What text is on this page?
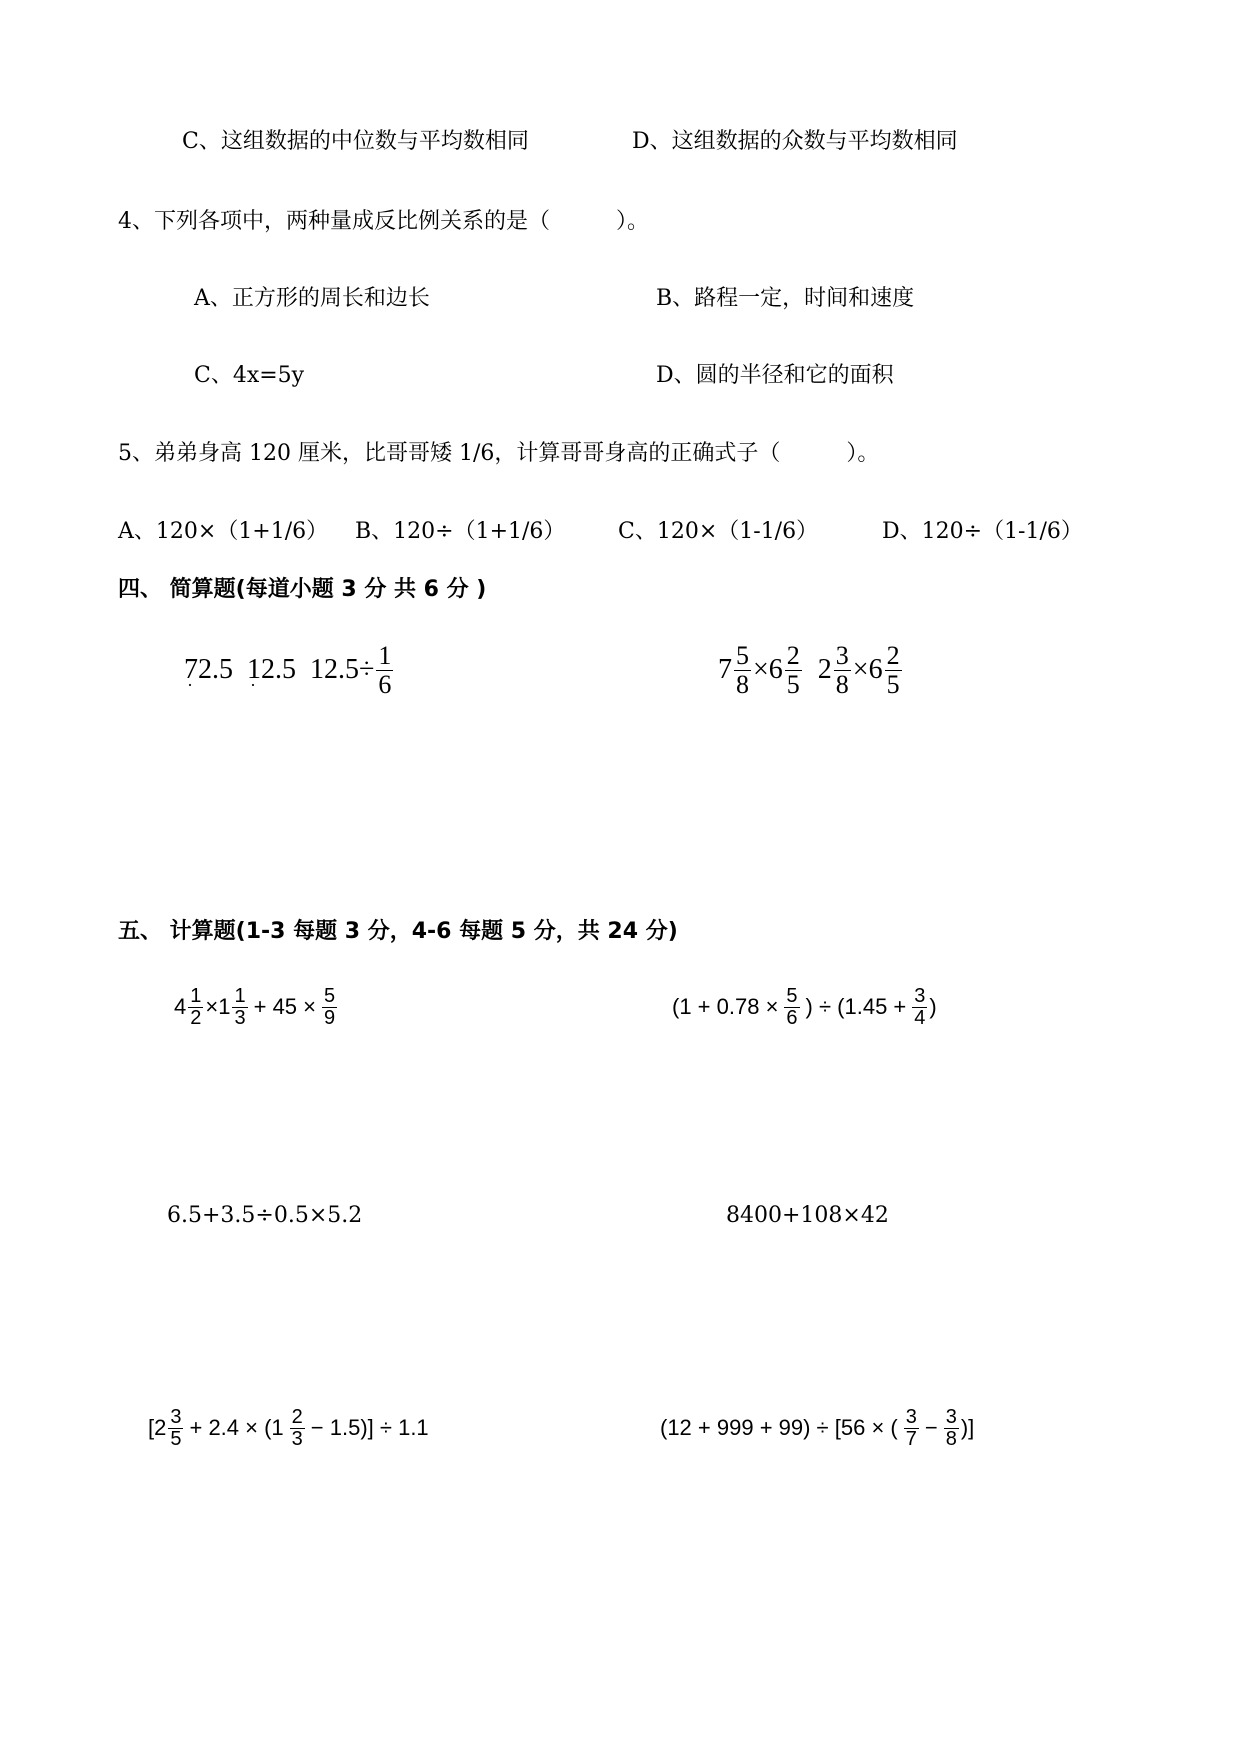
C、这组数据的中位数与平均数相同	D、这组数据的众数与平均数相同
4、下列各项中，两种量成反比例关系的是（　　　）。
A、正方形的周长和边长	B、路程一定，时间和速度
C、4x=5y	D、圆的半径和它的面积
5、弟弟身高 120 厘米，比哥哥矮 1/6，计算哥哥身高的正确式子（　　　）。
A、120×（1+1/6） B、120÷（1+1/6） C、120×（1-1/6）	D、120÷（1-1/6）
四、 简算题(每道小题 3 分 共 6 分 )
$72.5 \cdot 12.5 \cdot 12.5 \div \frac{1}{6}$	$7 \frac{5}{8} \times 6 \frac{2}{5} 2 \frac{3}{8} \times 6 \frac{2}{5}$
五、 计算题(1-3 每题 3 分，4-6 每题 5 分，共 24 分)
$4 \frac{1}{2} \times 1 \frac{1}{3} + 45 \times \frac{5}{9}$	($1 + 0.78 \times \frac{5}{6}$ ) ÷ ($1.45 + \frac{3}{4}$ )
6.5+3.5÷0.5×5.2	8400+108×42
$[2 \frac{3}{5} + 2.4 \times (1 \frac{2}{3} - 1.5)] \div 1.1$	(12 + 999 + 99) ÷ [56 × ( $\frac{3}{7} - \frac{3}{8}$ )]
